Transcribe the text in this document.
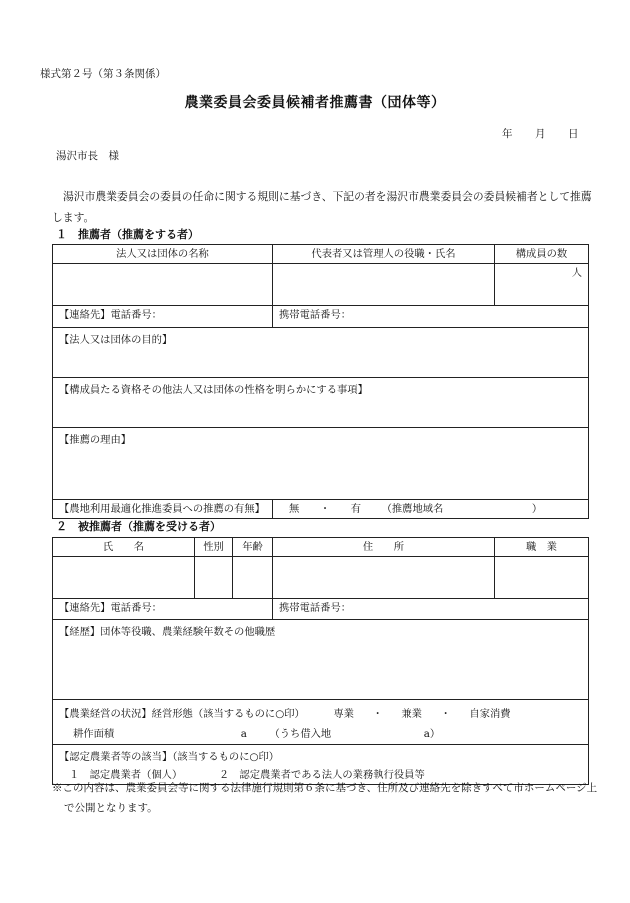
様式第２号（第３条関係）
農業委員会委員候補者推薦書（団体等）
年 月 日
湯沢市長　様
湯沢市農業委員会の委員の任命に関する規則に基づき、下記の者を湯沢市農業委員会の委員候補者として推薦します。
１　推薦者（推薦をする者）
法人又は団体の名称	代表者又は管理人の役職・氏名	構成員の数
		人
【連絡先】電話番号：	携帯電話番号：	
【法人又は団体の目的】		
【構成員たる資格その他法人又は団体の性格を明らかにする事項】		
【推薦の理由】		
【農地利用最適化推進委員への推薦の有無】	無 ・ 有 （推薦地域名 ）	
２　被推薦者（推薦を受ける者）
氏　　名	性別	年齢	住　　所	職　業

【連絡先】電話番号：			携帯電話番号：	
【経歴】団体等役職、農業経験年数その他職歴				

【農業経営の状況】経営形態（該当するものに○印） 専業 ・ 兼業 ・ 自家消費
耕作面積 a （うち借入地 a）				

【認定農業者等の該当】（該当するものに○印）
１　認定農業者（個人） ２　認定農業者である法人の業務執行役員等				
※この内容は、農業委員会等に関する法律施行規則第６条に基づき、住所及び連絡先を除きすべて市ホームページ上で公開となります。
